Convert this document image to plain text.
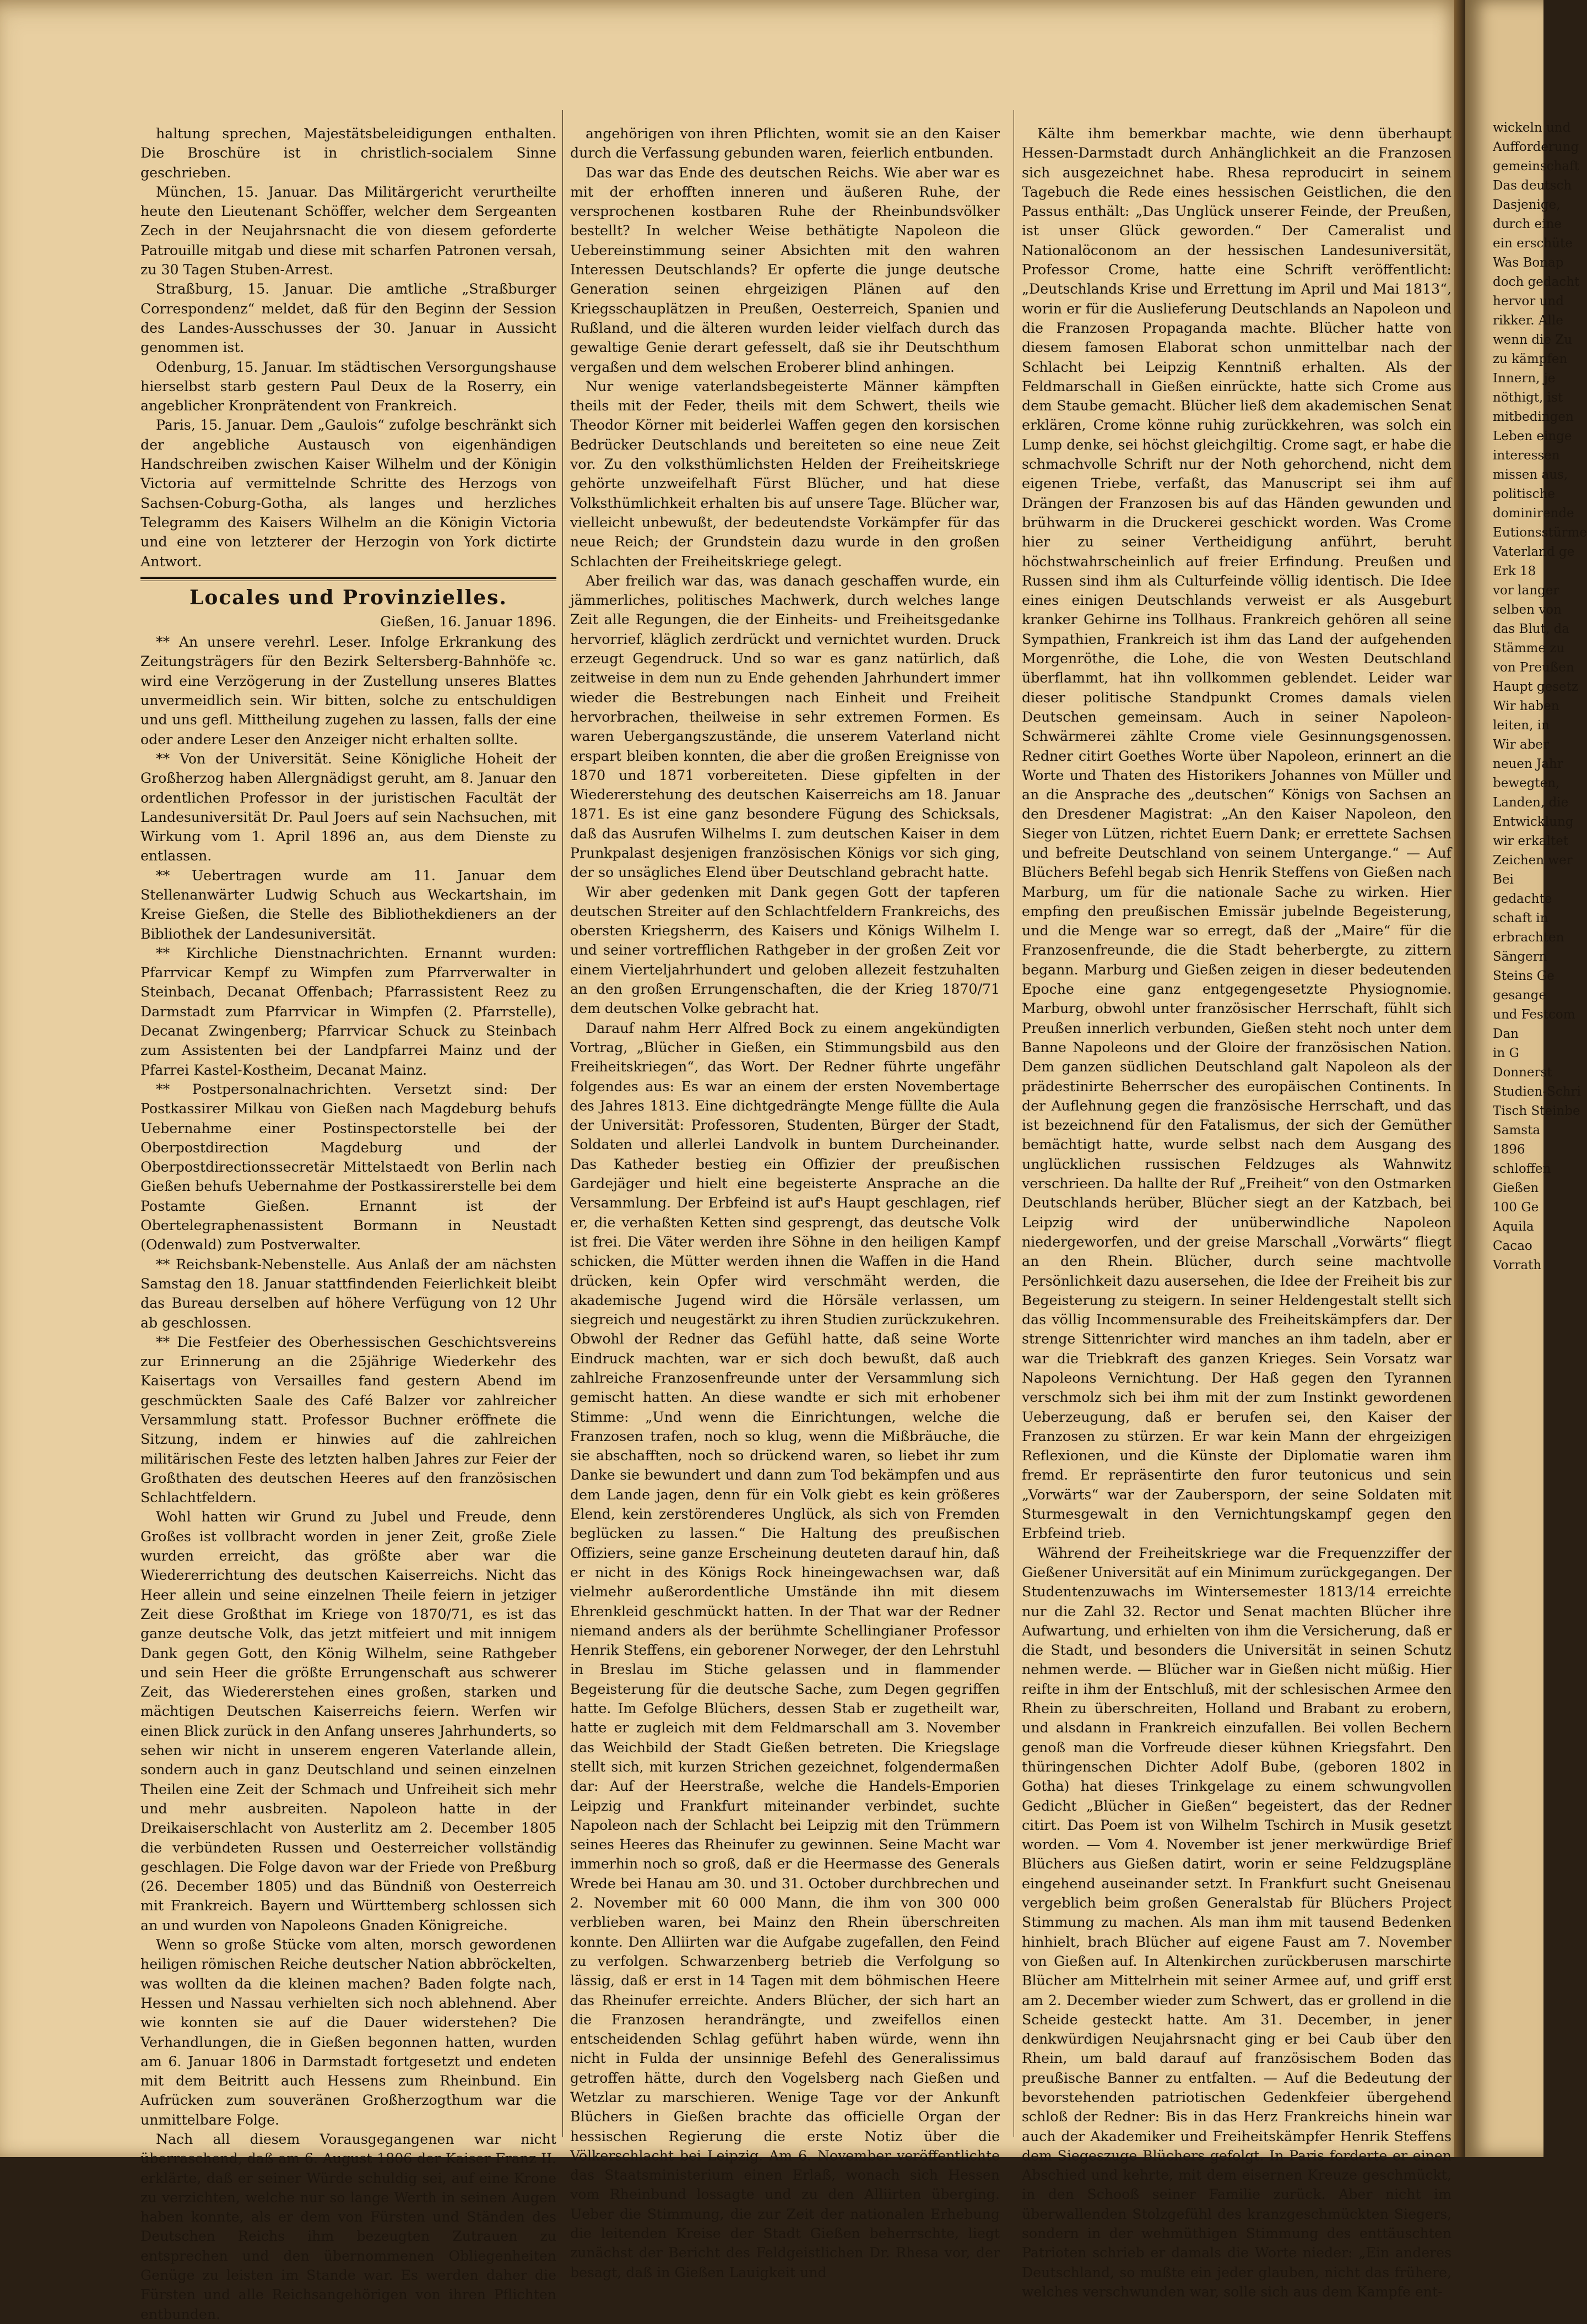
haltung sprechen, Majestätsbeleidigungen enthalten. Die Broschüre ist in christlich-socialem Sinne geschrieben.

München, 15. Januar. Das Militärgericht verurtheilte heute den Lieutenant Schöffer, welcher dem Sergeanten Zech in der Neujahrsnacht die von diesem geforderte Patrouille mitgab und diese mit scharfen Patronen versah, zu 30 Tagen Stuben-Arrest.

Straßburg, 15. Januar. Die amtliche „Straßburger Correspondenz“ meldet, daß für den Beginn der Session des Landes-Ausschusses der 30. Januar in Aussicht genommen ist.

Odenburg, 15. Januar. Im städtischen Versorgungshause hierselbst starb gestern Paul Deux de la Roserry, ein angeblicher Kronprätendent von Frankreich.

Paris, 15. Januar. Dem „Gaulois“ zufolge beschränkt sich der angebliche Austausch von eigenhändigen Handschreiben zwischen Kaiser Wilhelm und der Königin Victoria auf vermittelnde Schritte des Herzogs von Sachsen-Coburg-Gotha, als langes und herzliches Telegramm des Kaisers Wilhelm an die Königin Victoria und eine von letzterer der Herzogin von York dictirte Antwort.

Locales und Provinzielles.
Gießen, 16. Januar 1896.

** An unsere verehrl. Leser. Infolge Erkrankung des Zeitungsträgers für den Bezirk Seltersberg-Bahnhöfe ꝛc. wird eine Verzögerung in der Zustellung unseres Blattes unvermeidlich sein. Wir bitten, solche zu entschuldigen und uns gefl. Mittheilung zugehen zu lassen, falls der eine oder andere Leser den Anzeiger nicht erhalten sollte.

** Von der Universität. Seine Königliche Hoheit der Großherzog haben Allergnädigst geruht, am 8. Januar den ordentlichen Professor in der juristischen Facultät der Landesuniversität Dr. Paul Joers auf sein Nachsuchen, mit Wirkung vom 1. April 1896 an, aus dem Dienste zu entlassen.

** Uebertragen wurde am 11. Januar dem Stellenanwärter Ludwig Schuch aus Weckartshain, im Kreise Gießen, die Stelle des Bibliothekdieners an der Bibliothek der Landesuniversität.

** Kirchliche Dienstnachrichten. Ernannt wurden: Pfarrvicar Kempf zu Wimpfen zum Pfarrverwalter in Steinbach, Decanat Offenbach; Pfarrassistent Reez zu Darmstadt zum Pfarrvicar in Wimpfen (2. Pfarrstelle), Decanat Zwingenberg; Pfarrvicar Schuck zu Steinbach zum Assistenten bei der Landpfarrei Mainz und der Pfarrei Kastel-Kostheim, Decanat Mainz.

** Postpersonalnachrichten. Versetzt sind: Der Postkassirer Milkau von Gießen nach Magdeburg behufs Uebernahme einer Postinspectorstelle bei der Oberpostdirection Magdeburg und der Oberpostdirectionssecretär Mittelstaedt von Berlin nach Gießen behufs Uebernahme der Postkassirerstelle bei dem Postamte Gießen. Ernannt ist der Obertelegraphenassistent Bormann in Neustadt (Odenwald) zum Postverwalter.

** Reichsbank-Nebenstelle. Aus Anlaß der am nächsten Samstag den 18. Januar stattfindenden Feierlichkeit bleibt das Bureau derselben auf höhere Verfügung von 12 Uhr ab geschlossen.

** Die Festfeier des Oberhessischen Geschichtsvereins zur Erinnerung an die 25jährige Wiederkehr des Kaisertags von Versailles fand gestern Abend im geschmückten Saale des Café Balzer vor zahlreicher Versammlung statt. Professor Buchner eröffnete die Sitzung, indem er hinwies auf die zahlreichen militärischen Feste des letzten halben Jahres zur Feier der Großthaten des deutschen Heeres auf den französischen Schlachtfeldern.

Wohl hatten wir Grund zu Jubel und Freude, denn Großes ist vollbracht worden in jener Zeit, große Ziele wurden erreicht, das größte aber war die Wiedererrichtung des deutschen Kaiserreichs. Nicht das Heer allein und seine einzelnen Theile feiern in jetziger Zeit diese Großthat im Kriege von 1870/71, es ist das ganze deutsche Volk, das jetzt mitfeiert und mit innigem Dank gegen Gott, den König Wilhelm, seine Rathgeber und sein Heer die größte Errungenschaft aus schwerer Zeit, das Wiedererstehen eines großen, starken und mächtigen Deutschen Kaiserreichs feiern. Werfen wir einen Blick zurück in den Anfang unseres Jahrhunderts, so sehen wir nicht in unserem engeren Vaterlande allein, sondern auch in ganz Deutschland und seinen einzelnen Theilen eine Zeit der Schmach und Unfreiheit sich mehr und mehr ausbreiten. Napoleon hatte in der Dreikaiserschlacht von Austerlitz am 2. December 1805 die verbündeten Russen und Oesterreicher vollständig geschlagen. Die Folge davon war der Friede von Preßburg (26. December 1805) und das Bündniß von Oesterreich mit Frankreich. Bayern und Württemberg schlossen sich an und wurden von Napoleons Gnaden Königreiche.

Wenn so große Stücke vom alten, morsch gewordenen heiligen römischen Reiche deutscher Nation abbröckelten, was wollten da die kleinen machen? Baden folgte nach, Hessen und Nassau verhielten sich noch ablehnend. Aber wie konnten sie auf die Dauer widerstehen? Die Verhandlungen, die in Gießen begonnen hatten, wurden am 6. Januar 1806 in Darmstadt fortgesetzt und endeten mit dem Beitritt auch Hessens zum Rheinbund. Ein Aufrücken zum souveränen Großherzogthum war die unmittelbare Folge.

Nach all diesem Vorausgegangenen war nicht überraschend, daß am 6. August 1806 der Kaiser Franz II. erklärte, daß er seiner Würde schuldig sei, auf eine Krone zu verzichten, welche nur so lange Werth in seinen Augen haben konnte, als er dem von Fürsten und Ständen des Deutschen Reichs ihm bezeugten Zutrauen zu entsprechen und den übernommenen Obliegenheiten Genüge zu leisten im Stande war. Es werden daher die Fürsten und alle Reichsangehörigen von ihren Pflichten entbunden.

angehörigen von ihren Pflichten, womit sie an den Kaiser durch die Verfassung gebunden waren, feierlich entbunden.

Das war das Ende des deutschen Reichs. Wie aber war es mit der erhofften inneren und äußeren Ruhe, der versprochenen kostbaren Ruhe der Rheinbundsvölker bestellt? In welcher Weise bethätigte Napoleon die Uebereinstimmung seiner Absichten mit den wahren Interessen Deutschlands? Er opferte die junge deutsche Generation seinen ehrgeizigen Plänen auf den Kriegsschauplätzen in Preußen, Oesterreich, Spanien und Rußland, und die älteren wurden leider vielfach durch das gewaltige Genie derart gefesselt, daß sie ihr Deutschthum vergaßen und dem welschen Eroberer blind anhingen.

Nur wenige vaterlandsbegeisterte Männer kämpften theils mit der Feder, theils mit dem Schwert, theils wie Theodor Körner mit beiderlei Waffen gegen den korsischen Bedrücker Deutschlands und bereiteten so eine neue Zeit vor. Zu den volksthümlichsten Helden der Freiheitskriege gehörte unzweifelhaft Fürst Blücher, und hat diese Volksthümlichkeit erhalten bis auf unsere Tage. Blücher war, vielleicht unbewußt, der bedeutendste Vorkämpfer für das neue Reich; der Grundstein dazu wurde in den großen Schlachten der Freiheitskriege gelegt.

Aber freilich war das, was danach geschaffen wurde, ein jämmerliches, politisches Machwerk, durch welches lange Zeit alle Regungen, die der Einheits- und Freiheitsgedanke hervorrief, kläglich zerdrückt und vernichtet wurden. Druck erzeugt Gegendruck. Und so war es ganz natürlich, daß zeitweise in dem nun zu Ende gehenden Jahrhundert immer wieder die Bestrebungen nach Einheit und Freiheit hervorbrachen, theilweise in sehr extremen Formen. Es waren Uebergangszustände, die unserem Vaterland nicht erspart bleiben konnten, die aber die großen Ereignisse von 1870 und 1871 vorbereiteten. Diese gipfelten in der Wiedererstehung des deutschen Kaiserreichs am 18. Januar 1871. Es ist eine ganz besondere Fügung des Schicksals, daß das Ausrufen Wilhelms I. zum deutschen Kaiser in dem Prunkpalast desjenigen französischen Königs vor sich ging, der so unsägliches Elend über Deutschland gebracht hatte.

Wir aber gedenken mit Dank gegen Gott der tapferen deutschen Streiter auf den Schlachtfeldern Frankreichs, des obersten Kriegsherrn, des Kaisers und Königs Wilhelm I. und seiner vortrefflichen Rathgeber in der großen Zeit vor einem Vierteljahrhundert und geloben allezeit festzuhalten an den großen Errungenschaften, die der Krieg 1870/71 dem deutschen Volke gebracht hat.

Darauf nahm Herr Alfred Bock zu einem angekündigten Vortrag, „Blücher in Gießen, ein Stimmungsbild aus den Freiheitskriegen“, das Wort. Der Redner führte ungefähr folgendes aus: Es war an einem der ersten Novembertage des Jahres 1813. Eine dichtgedrängte Menge füllte die Aula der Universität: Professoren, Studenten, Bürger der Stadt, Soldaten und allerlei Landvolk in buntem Durcheinander. Das Katheder bestieg ein Offizier der preußischen Gardejäger und hielt eine begeisterte Ansprache an die Versammlung. Der Erbfeind ist auf's Haupt geschlagen, rief er, die verhaßten Ketten sind gesprengt, das deutsche Volk ist frei. Die Väter werden ihre Söhne in den heiligen Kampf schicken, die Mütter werden ihnen die Waffen in die Hand drücken, kein Opfer wird verschmäht werden, die akademische Jugend wird die Hörsäle verlassen, um siegreich und neugestärkt zu ihren Studien zurückzukehren. Obwohl der Redner das Gefühl hatte, daß seine Worte Eindruck machten, war er sich doch bewußt, daß auch zahlreiche Franzosenfreunde unter der Versammlung sich gemischt hatten. An diese wandte er sich mit erhobener Stimme: „Und wenn die Einrichtungen, welche die Franzosen trafen, noch so klug, wenn die Mißbräuche, die sie abschafften, noch so drückend waren, so liebet ihr zum Danke sie bewundert und dann zum Tod bekämpfen und aus dem Lande jagen, denn für ein Volk giebt es kein größeres Elend, kein zerstörenderes Unglück, als sich von Fremden beglücken zu lassen.“ Die Haltung des preußischen Offiziers, seine ganze Erscheinung deuteten darauf hin, daß er nicht in des Königs Rock hineingewachsen war, daß vielmehr außerordentliche Umstände ihn mit diesem Ehrenkleid geschmückt hatten. In der That war der Redner niemand anders als der berühmte Schellingianer Professor Henrik Steffens, ein geborener Norweger, der den Lehrstuhl in Breslau im Stiche gelassen und in flammender Begeisterung für die deutsche Sache, zum Degen gegriffen hatte. Im Gefolge Blüchers, dessen Stab er zugetheilt war, hatte er zugleich mit dem Feldmarschall am 3. November das Weichbild der Stadt Gießen betreten. Die Kriegslage stellt sich, mit kurzen Strichen gezeichnet, folgendermaßen dar: Auf der Heerstraße, welche die Handels-Emporien Leipzig und Frankfurt miteinander verbindet, suchte Napoleon nach der Schlacht bei Leipzig mit den Trümmern seines Heeres das Rheinufer zu gewinnen. Seine Macht war immerhin noch so groß, daß er die Heermasse des Generals Wrede bei Hanau am 30. und 31. October durchbrechen und 2. November mit 60 000 Mann, die ihm von 300 000 verblieben waren, bei Mainz den Rhein überschreiten konnte. Den Alliirten war die Aufgabe zugefallen, den Feind zu verfolgen. Schwarzenberg betrieb die Verfolgung so lässig, daß er erst in 14 Tagen mit dem böhmischen Heere das Rheinufer erreichte. Anders Blücher, der sich hart an die Franzosen herandrängte, und zweifellos einen entscheidenden Schlag geführt haben würde, wenn ihn nicht in Fulda der unsinnige Befehl des Generalissimus getroffen hätte, durch den Vogelsberg nach Gießen und Wetzlar zu marschieren. Wenige Tage vor der Ankunft Blüchers in Gießen brachte das officielle Organ der hessischen Regierung die erste Notiz über die Völkerschlacht bei Leipzig. Am 6. November veröffentlichte das Staatsministerium einen Erlaß, wonach sich Hessen vom Rheinbund lossagte und zu den Alliirten überging. Ueber die Stimmung, die zur Zeit der nationalen Erhebung die leitenden Kreise der Stadt Gießen beherrschte, liegt zunächst der Bericht des Feldgeistlichen Dr. Rhesa vor, der besagt, daß in Gießen Lauigkeit und

Kälte ihm bemerkbar machte, wie denn überhaupt Hessen-Darmstadt durch Anhänglichkeit an die Franzosen sich ausgezeichnet habe. Rhesa reproducirt in seinem Tagebuch die Rede eines hessischen Geistlichen, die den Passus enthält: „Das Unglück unserer Feinde, der Preußen, ist unser Glück geworden.“ Der Cameralist und Nationalöconom an der hessischen Landesuniversität, Professor Crome, hatte eine Schrift veröffentlicht: „Deutschlands Krise und Errettung im April und Mai 1813“, worin er für die Auslieferung Deutschlands an Napoleon und die Franzosen Propaganda machte. Blücher hatte von diesem famosen Elaborat schon unmittelbar nach der Schlacht bei Leipzig Kenntniß erhalten. Als der Feldmarschall in Gießen einrückte, hatte sich Crome aus dem Staube gemacht. Blücher ließ dem akademischen Senat erklären, Crome könne ruhig zurückkehren, was solch ein Lump denke, sei höchst gleichgiltig. Crome sagt, er habe die schmachvolle Schrift nur der Noth gehorchend, nicht dem eigenen Triebe, verfaßt, das Manuscript sei ihm auf Drängen der Franzosen bis auf das Händen gewunden und brühwarm in die Druckerei geschickt worden. Was Crome hier zu seiner Vertheidigung anführt, beruht höchstwahrscheinlich auf freier Erfindung. Preußen und Russen sind ihm als Culturfeinde völlig identisch. Die Idee eines einigen Deutschlands verweist er als Ausgeburt kranker Gehirne ins Tollhaus. Frankreich gehören all seine Sympathien, Frankreich ist ihm das Land der aufgehenden Morgenröthe, die Lohe, die von Westen Deutschland überflammt, hat ihn vollkommen geblendet. Leider war dieser politische Standpunkt Cromes damals vielen Deutschen gemeinsam. Auch in seiner Napoleon-Schwärmerei zählte Crome viele Gesinnungsgenossen. Redner citirt Goethes Worte über Napoleon, erinnert an die Worte und Thaten des Historikers Johannes von Müller und an die Ansprache des „deutschen“ Königs von Sachsen an den Dresdener Magistrat: „An den Kaiser Napoleon, den Sieger von Lützen, richtet Euern Dank; er errettete Sachsen und befreite Deutschland von seinem Untergange.“ — Auf Blüchers Befehl begab sich Henrik Steffens von Gießen nach Marburg, um für die nationale Sache zu wirken. Hier empfing den preußischen Emissär jubelnde Begeisterung, und die Menge war so erregt, daß der „Maire“ für die Franzosenfreunde, die die Stadt beherbergte, zu zittern begann. Marburg und Gießen zeigen in dieser bedeutenden Epoche eine ganz entgegengesetzte Physiognomie. Marburg, obwohl unter französischer Herrschaft, fühlt sich Preußen innerlich verbunden, Gießen steht noch unter dem Banne Napoleons und der Gloire der französischen Nation. Dem ganzen südlichen Deutschland galt Napoleon als der prädestinirte Beherrscher des europäischen Continents. In der Auflehnung gegen die französische Herrschaft, und das ist bezeichnend für den Fatalismus, der sich der Gemüther bemächtigt hatte, wurde selbst nach dem Ausgang des unglücklichen russischen Feldzuges als Wahnwitz verschrieen. Da hallte der Ruf „Freiheit“ von den Ostmarken Deutschlands herüber, Blücher siegt an der Katzbach, bei Leipzig wird der unüberwindliche Napoleon niedergeworfen, und der greise Marschall „Vorwärts“ fliegt an den Rhein. Blücher, durch seine machtvolle Persönlichkeit dazu ausersehen, die Idee der Freiheit bis zur Begeisterung zu steigern. In seiner Heldengestalt stellt sich das völlig Incommensurable des Freiheitskämpfers dar. Der strenge Sittenrichter wird manches an ihm tadeln, aber er war die Triebkraft des ganzen Krieges. Sein Vorsatz war Napoleons Vernichtung. Der Haß gegen den Tyrannen verschmolz sich bei ihm mit der zum Instinkt gewordenen Ueberzeugung, daß er berufen sei, den Kaiser der Franzosen zu stürzen. Er war kein Mann der ehrgeizigen Reflexionen, und die Künste der Diplomatie waren ihm fremd. Er repräsentirte den furor teutonicus und sein „Vorwärts“ war der Zaubersporn, der seine Soldaten mit Sturmesgewalt in den Vernichtungskampf gegen den Erbfeind trieb.

Während der Freiheitskriege war die Frequenzziffer der Gießener Universität auf ein Minimum zurückgegangen. Der Studentenzuwachs im Wintersemester 1813/14 erreichte nur die Zahl 32. Rector und Senat machten Blücher ihre Aufwartung, und erhielten von ihm die Versicherung, daß er die Stadt, und besonders die Universität in seinen Schutz nehmen werde. — Blücher war in Gießen nicht müßig. Hier reifte in ihm der Entschluß, mit der schlesischen Armee den Rhein zu überschreiten, Holland und Brabant zu erobern, und alsdann in Frankreich einzufallen. Bei vollen Bechern genoß man die Vorfreude dieser kühnen Kriegsfahrt. Den thüringenschen Dichter Adolf Bube, (geboren 1802 in Gotha) hat dieses Trinkgelage zu einem schwungvollen Gedicht „Blücher in Gießen“ begeistert, das der Redner citirt. Das Poem ist von Wilhelm Tschirch in Musik gesetzt worden. — Vom 4. November ist jener merkwürdige Brief Blüchers aus Gießen datirt, worin er seine Feldzugspläne eingehend auseinander setzt. In Frankfurt sucht Gneisenau vergeblich beim großen Generalstab für Blüchers Project Stimmung zu machen. Als man ihm mit tausend Bedenken hinhielt, brach Blücher auf eigene Faust am 7. November von Gießen auf. In Altenkirchen zurückberusen marschirte Blücher am Mittelrhein mit seiner Armee auf, und griff erst am 2. December wieder zum Schwert, das er grollend in die Scheide gesteckt hatte. Am 31. December, in jener denkwürdigen Neujahrsnacht ging er bei Caub über den Rhein, um bald darauf auf französischem Boden das preußische Banner zu entfalten. — Auf die Bedeutung der bevorstehenden patriotischen Gedenkfeier übergehend schloß der Redner: Bis in das Herz Frankreichs hinein war auch der Akademiker und Freiheitskämpfer Henrik Steffens dem Siegeszuge Blüchers gefolgt. In Paris forderte er einen Abschied und kehrte, mit dem eisernen Kreuze geschmückt, in den Schooß seiner Familie zurück. Aber nicht im überwallenden Stolzgefühl des kranzgeschmückten Siegers, sondern in der wehmüthigen Stimmung des enttäuschten Patrioten schrieb er damals die Worte nieder: „Ein anderes Deutschland, so mußte ein jeder glauben, nicht das frühere, welches verschwunden war, solle sich aus dem Kampfe ent-

wickeln und
Aufforderung
gemeinschaft
Das deutsch
Dasjenige,
durch eine
ein erschüte
Was Bonap
doch gedacht
hervor und
rikker. Alle
wenn die Zu
zu kämpfen
Innern, je
nöthigt, ist
mitbedingen
Leben einge
interessen
missen aus,
politische
dominirende
Eutionsstürme
Vaterland ge
Erk 18
vor langer
selben von
das Blut, da
Stämme zu
von Preußen
Haupt gesetz
Wir haben
leiten, in
Wir aber
neuen Jahr
bewegten,
Landen, die
Entwicklung
wir erkaltet
Zeichen wer
Bei
gedachte
schaft in
erbrachten
Sängern
Steins Ge
gesange
und Festcom
Dan
in G
Donnerst
Studien-Schri
Tisch Steinbe
Samsta
1896
schloffen
Gießen
100 Ge
Aquila
Cacao
Vorrath
